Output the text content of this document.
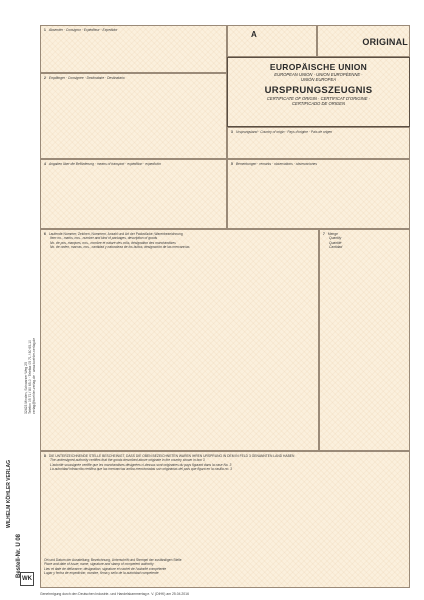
1 Absender · Consignor · Expéditeur · Expedidor	A
ORIGINAL
EUROPÄISCHE UNION
EUROPEAN UNION · UNION EUROPÉENNE ·
UNIÓN EUROPEA
URSPRUNGSZEUGNIS
CERTIFICATE OF ORIGIN · CERTIFICAT D'ORIGINE ·
CERTIFICADO DE ORIGEN
2 Empfänger · Consignee · Destinataire · Destinatario
3 Ursprungsland · Country of origin · Pays d'origine · País de origen
4 Angaben über die Beförderung · means of transport · expédition · expedición	5 Bemerkungen · remarks · observations · observaciones
6 Laufende Nummer; Zeichen, Nummern, Anzahl und Art der Packstücke; Warenbezeichnung
Item no., marks, nos., number and kind of packages, description of goods
No. de pos, marques, nos., nombre et nature des colis, désignation des marchandises
No. de orden, marcas, nos., cantidad y naturaleza de los bultos, designación de las mercancías
7 Menge
Quantity
Quantité
Cantidad
8 DIE UNTERZEICHNENDE STELLE BESCHEINIGT, DASS DIE OBEN BEZEICHNETEN WAREN IHREN URSPRUNG IN DEM IN FELD 3 GENANNTEN LAND HABEN
The undersigned authority certifies that the goods described above originate in the country shown in box 3
L'autorité soussignée certifie que les marchandises désignées ci-dessus sont originaires du pays figurant dans la case No. 3
La autoridad infrascrita certifica que las mercancías arriba mencionadas son originarias del país que figura en la casilla no. 3
Ort und Datum der Ausstellung; Bezeichnung, Unterschrift und Stempel der zuständigen Stelle
Place and date of issue; name, signature and stamp of competent authority
Lieu et date de délivrance; désignation, signature et cachet de l'autorité compétente
Lugar y fecha de expedición; nombre, firma y sello de la autoridad competente
Genehmigung durch den Deutschen Industrie- und Handelskammertag e. V. (DIHK) am 25.04.2016
WILHELM KÖHLER VERLAG
Bestell-Nr. U 08
32423 Minden, Schwarzer Weg 25 Telefon 05 71 / 80 65-0 · Telefax 05 71 / 80 65-10 verlag@koehler-verlag.de · www.koehler-verlag.de
WK
